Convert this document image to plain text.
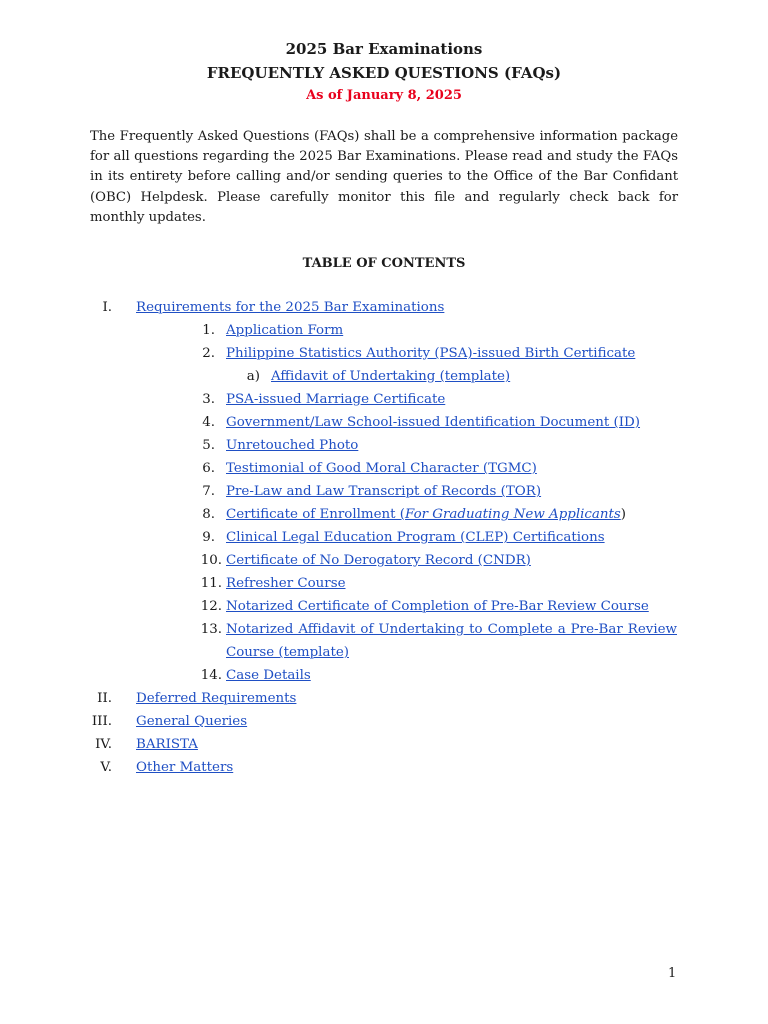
2025 Bar Examinations
FREQUENTLY ASKED QUESTIONS (FAQs)
As of January 8, 2025

The Frequently Asked Questions (FAQs) shall be a comprehensive information package for all questions regarding the 2025 Bar Examinations. Please read and study the FAQs in its entirety before calling and/or sending queries to the Office of the Bar Confidant (OBC) Helpdesk. Please carefully monitor this file and regularly check back for monthly updates.

TABLE OF CONTENTS
I. Requirements for the 2025 Bar Examinations
1. Application Form
2. Philippine Statistics Authority (PSA)-issued Birth Certificate
a) Affidavit of Undertaking (template)
3. PSA-issued Marriage Certificate
4. Government/Law School-issued Identification Document (ID)
5. Unretouched Photo
6. Testimonial of Good Moral Character (TGMC)
7. Pre-Law and Law Transcript of Records (TOR)
8. Certificate of Enrollment (For Graduating New Applicants)
9. Clinical Legal Education Program (CLEP) Certifications
10. Certificate of No Derogatory Record (CNDR)
11. Refresher Course
12. Notarized Certificate of Completion of Pre-Bar Review Course
13. Notarized Affidavit of Undertaking to Complete a Pre-Bar Review
Course (template)
14. Case Details
II. Deferred Requirements
III. General Queries
IV. BARISTA
V. Other Matters
1
